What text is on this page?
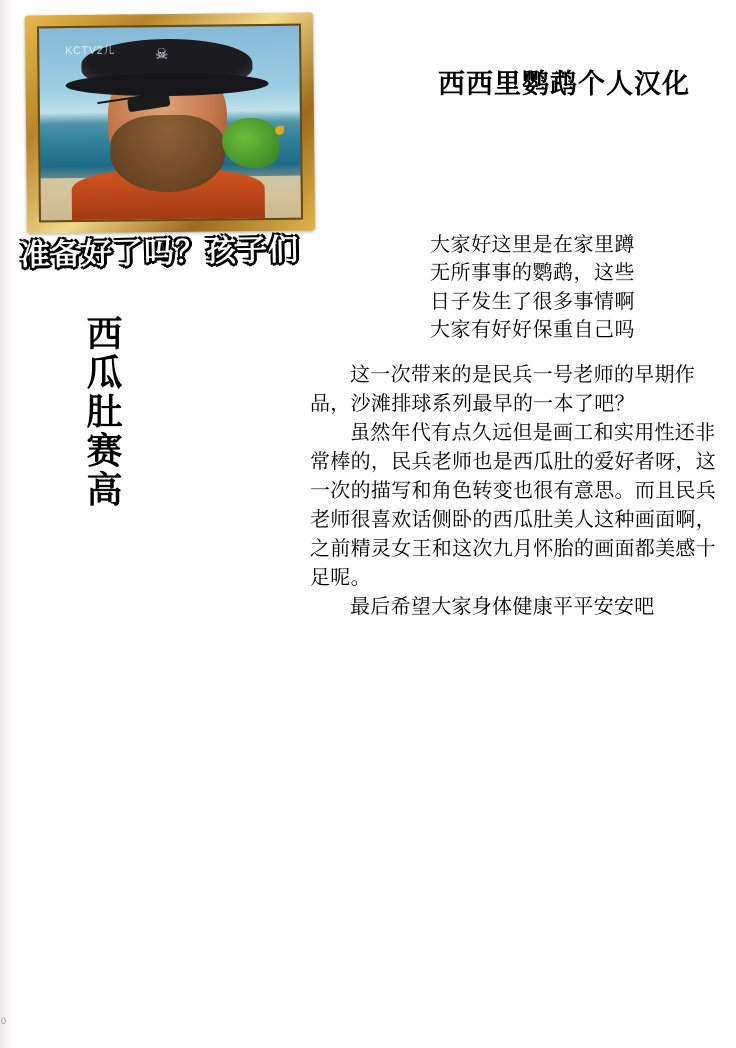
0
☠
KCTV2儿
准备好了吗？孩子们
西
瓜
肚
赛
高
西西里鹦鹉个人汉化

大家好这里是在家里蹲

无所事事的鹦鹉，这些

日子发生了很多事情啊

大家有好好保重自己吗

这一次带来的是民兵一号老师的早期作品，沙滩排球系列最早的一本了吧？

虽然年代有点久远但是画工和实用性还非常棒的，民兵老师也是西瓜肚的爱好者呀，这一次的描写和角色转变也很有意思。而且民兵老师很喜欢话侧卧的西瓜肚美人这种画面啊，之前精灵女王和这次九月怀胎的画面都美感十足呢。

最后希望大家身体健康平平安安吧
